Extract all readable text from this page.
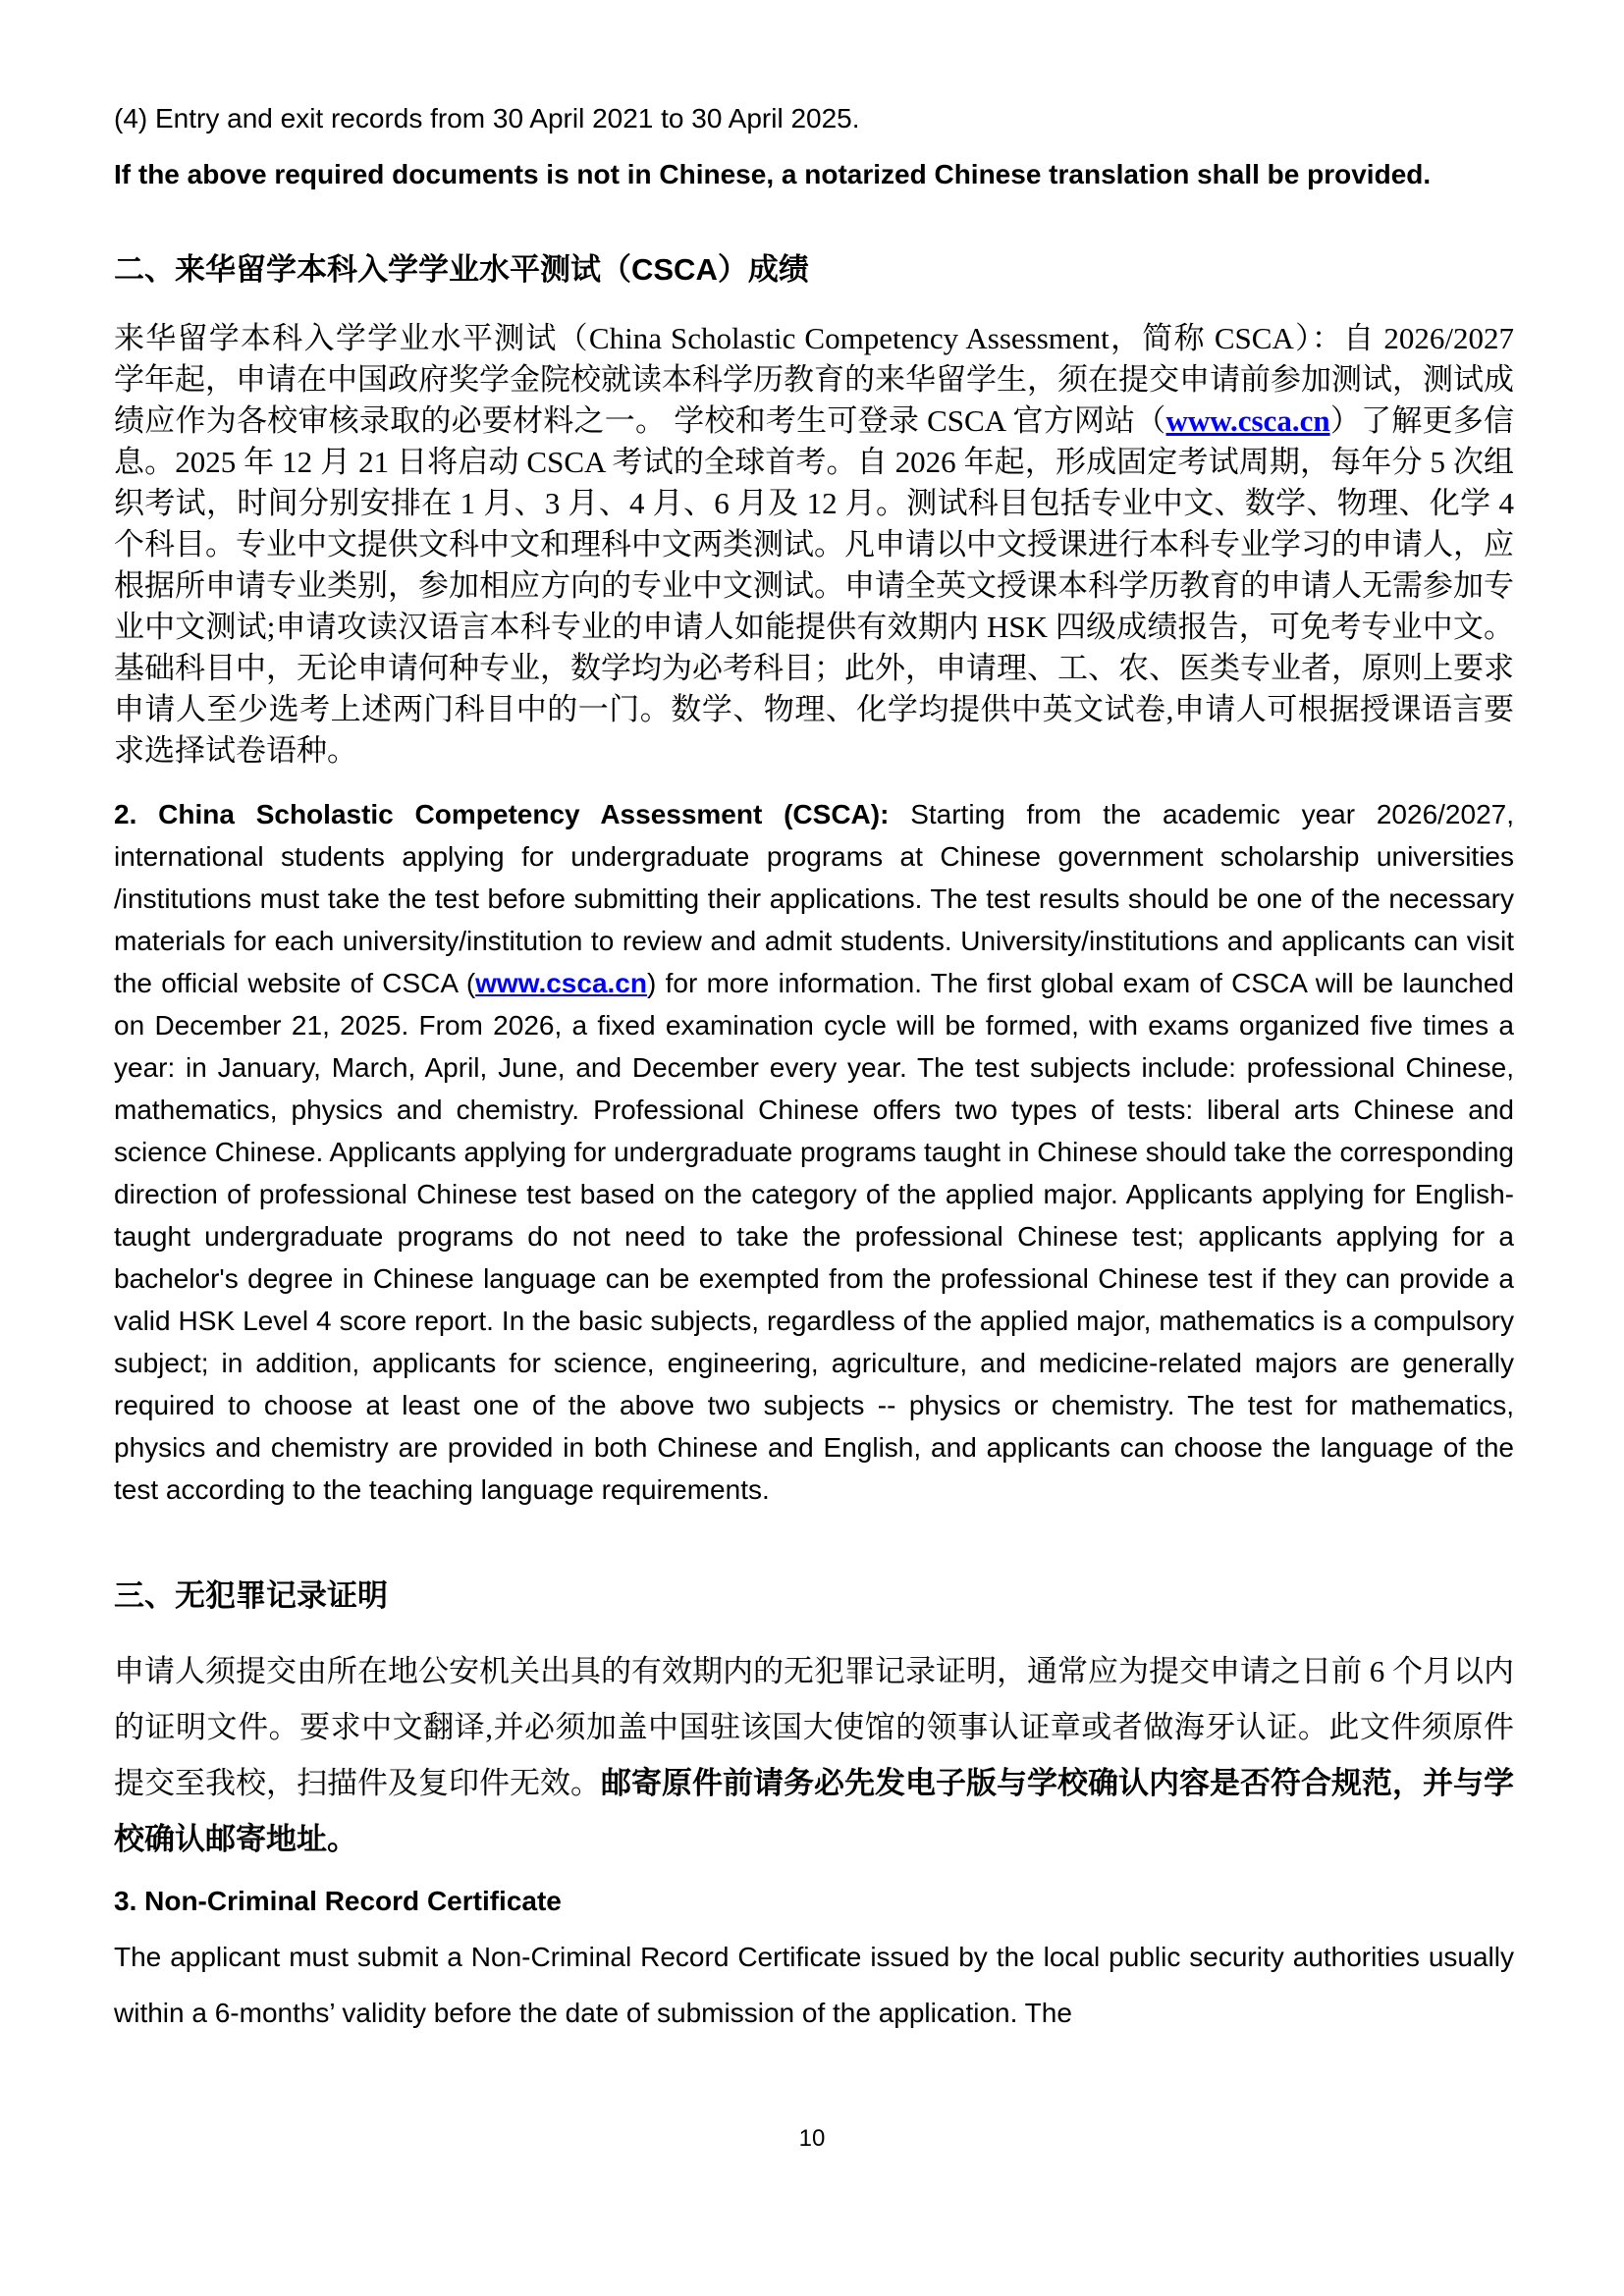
(4) Entry and exit records from 30 April 2021 to 30 April 2025.

If the above required documents is not in Chinese, a notarized Chinese translation shall be provided.

二、来华留学本科入学学业水平测试（CSCA）成绩

来华留学本科入学学业水平测试（China Scholastic Competency Assessment，简称 CSCA）：自 2026/2027 学年起，申请在中国政府奖学金院校就读本科学历教育的来华留学生，须在提交申请前参加测试，测试成绩应作为各校审核录取的必要材料之一。 学校和考生可登录 CSCA 官方网站（www.csca.cn）了解更多信息。2025 年 12 月 21 日将启动 CSCA 考试的全球首考。自 2026 年起，形成固定考试周期，每年分 5 次组织考试，时间分别安排在 1 月、3 月、4 月、6 月及 12 月。测试科目包括专业中文、数学、物理、化学 4 个科目。专业中文提供文科中文和理科中文两类测试。凡申请以中文授课进行本科专业学习的申请人，应根据所申请专业类别，参加相应方向的专业中文测试。申请全英文授课本科学历教育的申请人无需参加专业中文测试;申请攻读汉语言本科专业的申请人如能提供有效期内 HSK 四级成绩报告，可免考专业中文。基础科目中，无论申请何种专业，数学均为必考科目；此外，申请理、工、农、医类专业者，原则上要求申请人至少选考上述两门科目中的一门。数学、物理、化学均提供中英文试卷,申请人可根据授课语言要求选择试卷语种。

2. China Scholastic Competency Assessment (CSCA): Starting from the academic year 2026/2027, international students applying for undergraduate programs at Chinese government scholarship universities /institutions must take the test before submitting their applications. The test results should be one of the necessary materials for each university/institution to review and admit students. University/institutions and applicants can visit the official website of CSCA (www.csca.cn) for more information. The first global exam of CSCA will be launched on December 21, 2025. From 2026, a fixed examination cycle will be formed, with exams organized five times a year: in January, March, April, June, and December every year. The test subjects include: professional Chinese, mathematics, physics and chemistry. Professional Chinese offers two types of tests: liberal arts Chinese and science Chinese. Applicants applying for undergraduate programs taught in Chinese should take the corresponding direction of professional Chinese test based on the category of the applied major. Applicants applying for English-taught undergraduate programs do not need to take the professional Chinese test; applicants applying for a bachelor's degree in Chinese language can be exempted from the professional Chinese test if they can provide a valid HSK Level 4 score report. In the basic subjects, regardless of the applied major, mathematics is a compulsory subject; in addition, applicants for science, engineering, agriculture, and medicine-related majors are generally required to choose at least one of the above two subjects -- physics or chemistry. The test for mathematics, physics and chemistry are provided in both Chinese and English, and applicants can choose the language of the test according to the teaching language requirements.

三、无犯罪记录证明

申请人须提交由所在地公安机关出具的有效期内的无犯罪记录证明，通常应为提交申请之日前 6 个月以内的证明文件。要求中文翻译,并必须加盖中国驻该国大使馆的领事认证章或者做海牙认证。此文件须原件提交至我校，扫描件及复印件无效。邮寄原件前请务必先发电子版与学校确认内容是否符合规范，并与学校确认邮寄地址。

3. Non-Criminal Record Certificate

The applicant must submit a Non-Criminal Record Certificate issued by the local public security authorities usually within a 6-months’ validity before the date of submission of the application. The

10
